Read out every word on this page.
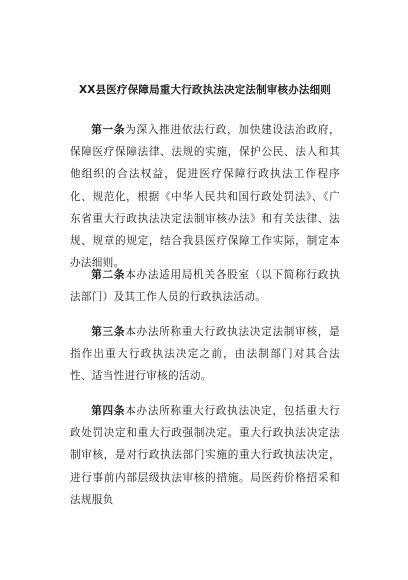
XX县医疗保障局重大行政执法决定法制审核办法细则

第一条为深入推进依法行政，加快建设法治政府，保障医疗保障法律、法规的实施，保护公民、法人和其他组织的合法权益，促进医疗保障行政执法工作程序化、规范化，根据《中华人民共和国行政处罚法》、《广东省重大行政执法决定法制审核办法》和有关法律、法规、规章的规定，结合我县医疗保障工作实际，制定本办法细则。

第二条本办法适用局机关各股室（以下简称行政执法部门）及其工作人员的行政执法活动。

第三条本办法所称重大行政执法决定法制审核，是指作出重大行政执法决定之前，由法制部门对其合法性、适当性进行审核的活动。

第四条本办法所称重大行政执法决定，包括重大行政处罚决定和重大行政强制决定。重大行政执法决定法制审核，是对行政执法部门实施的重大行政执法决定，进行事前内部层级执法审核的措施。局医药价格招采和法规服负
